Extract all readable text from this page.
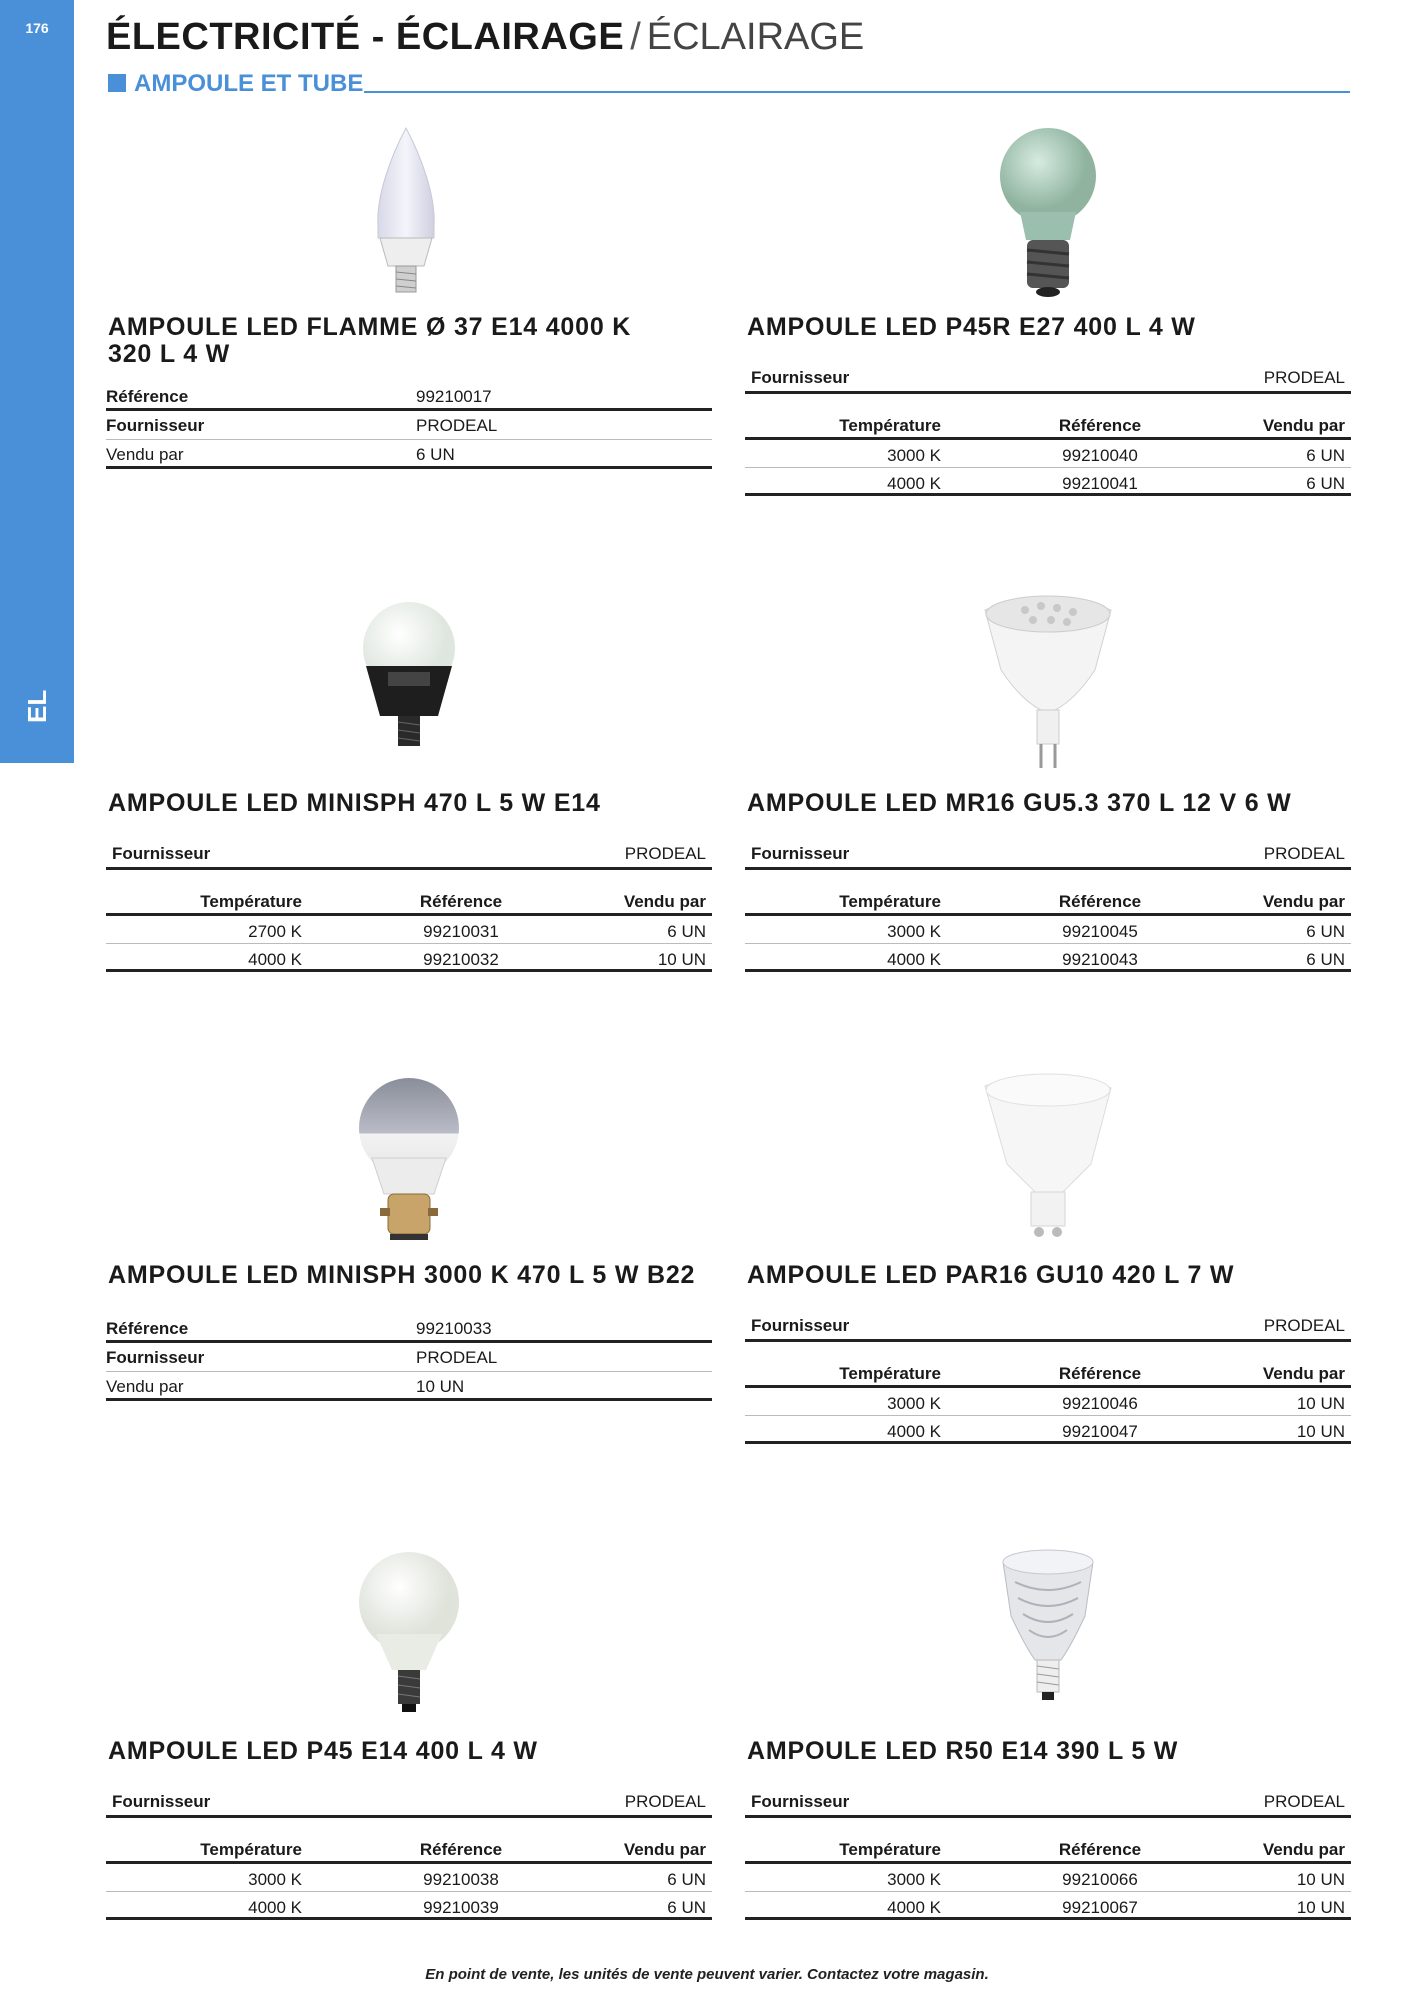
176
EL
ÉLECTRICITÉ - ÉCLAIRAGE / ÉCLAIRAGE
AMPOULE ET TUBE
AMPOULE LED FLAMME Ø 37 E14 4000 K
320 L 4 W
Référence	99210017
Fournisseur	PRODEAL
Vendu par	6 UN
AMPOULE LED P45R E27 400 L 4 W
Fournisseur	PRODEAL
Température	Référence	Vendu par
3000 K	99210040	6 UN
4000 K	99210041	6 UN
AMPOULE LED MINISPH 470 L 5 W E14
Fournisseur	PRODEAL
Température	Référence	Vendu par
2700 K	99210031	6 UN
4000 K	99210032	10 UN
AMPOULE LED MR16 GU5.3 370 L 12 V 6 W
Fournisseur	PRODEAL
Température	Référence	Vendu par
3000 K	99210045	6 UN
4000 K	99210043	6 UN
AMPOULE LED MINISPH 3000 K 470 L 5 W B22
Référence	99210033
Fournisseur	PRODEAL
Vendu par	10 UN
AMPOULE LED PAR16 GU10 420 L 7 W
Fournisseur	PRODEAL
Température	Référence	Vendu par
3000 K	99210046	10 UN
4000 K	99210047	10 UN
AMPOULE LED P45 E14 400 L 4 W
Fournisseur	PRODEAL
Température	Référence	Vendu par
3000 K	99210038	6 UN
4000 K	99210039	6 UN
AMPOULE LED R50 E14 390 L 5 W
Fournisseur	PRODEAL
Température	Référence	Vendu par
3000 K	99210066	10 UN
4000 K	99210067	10 UN
En point de vente, les unités de vente peuvent varier. Contactez votre magasin.
